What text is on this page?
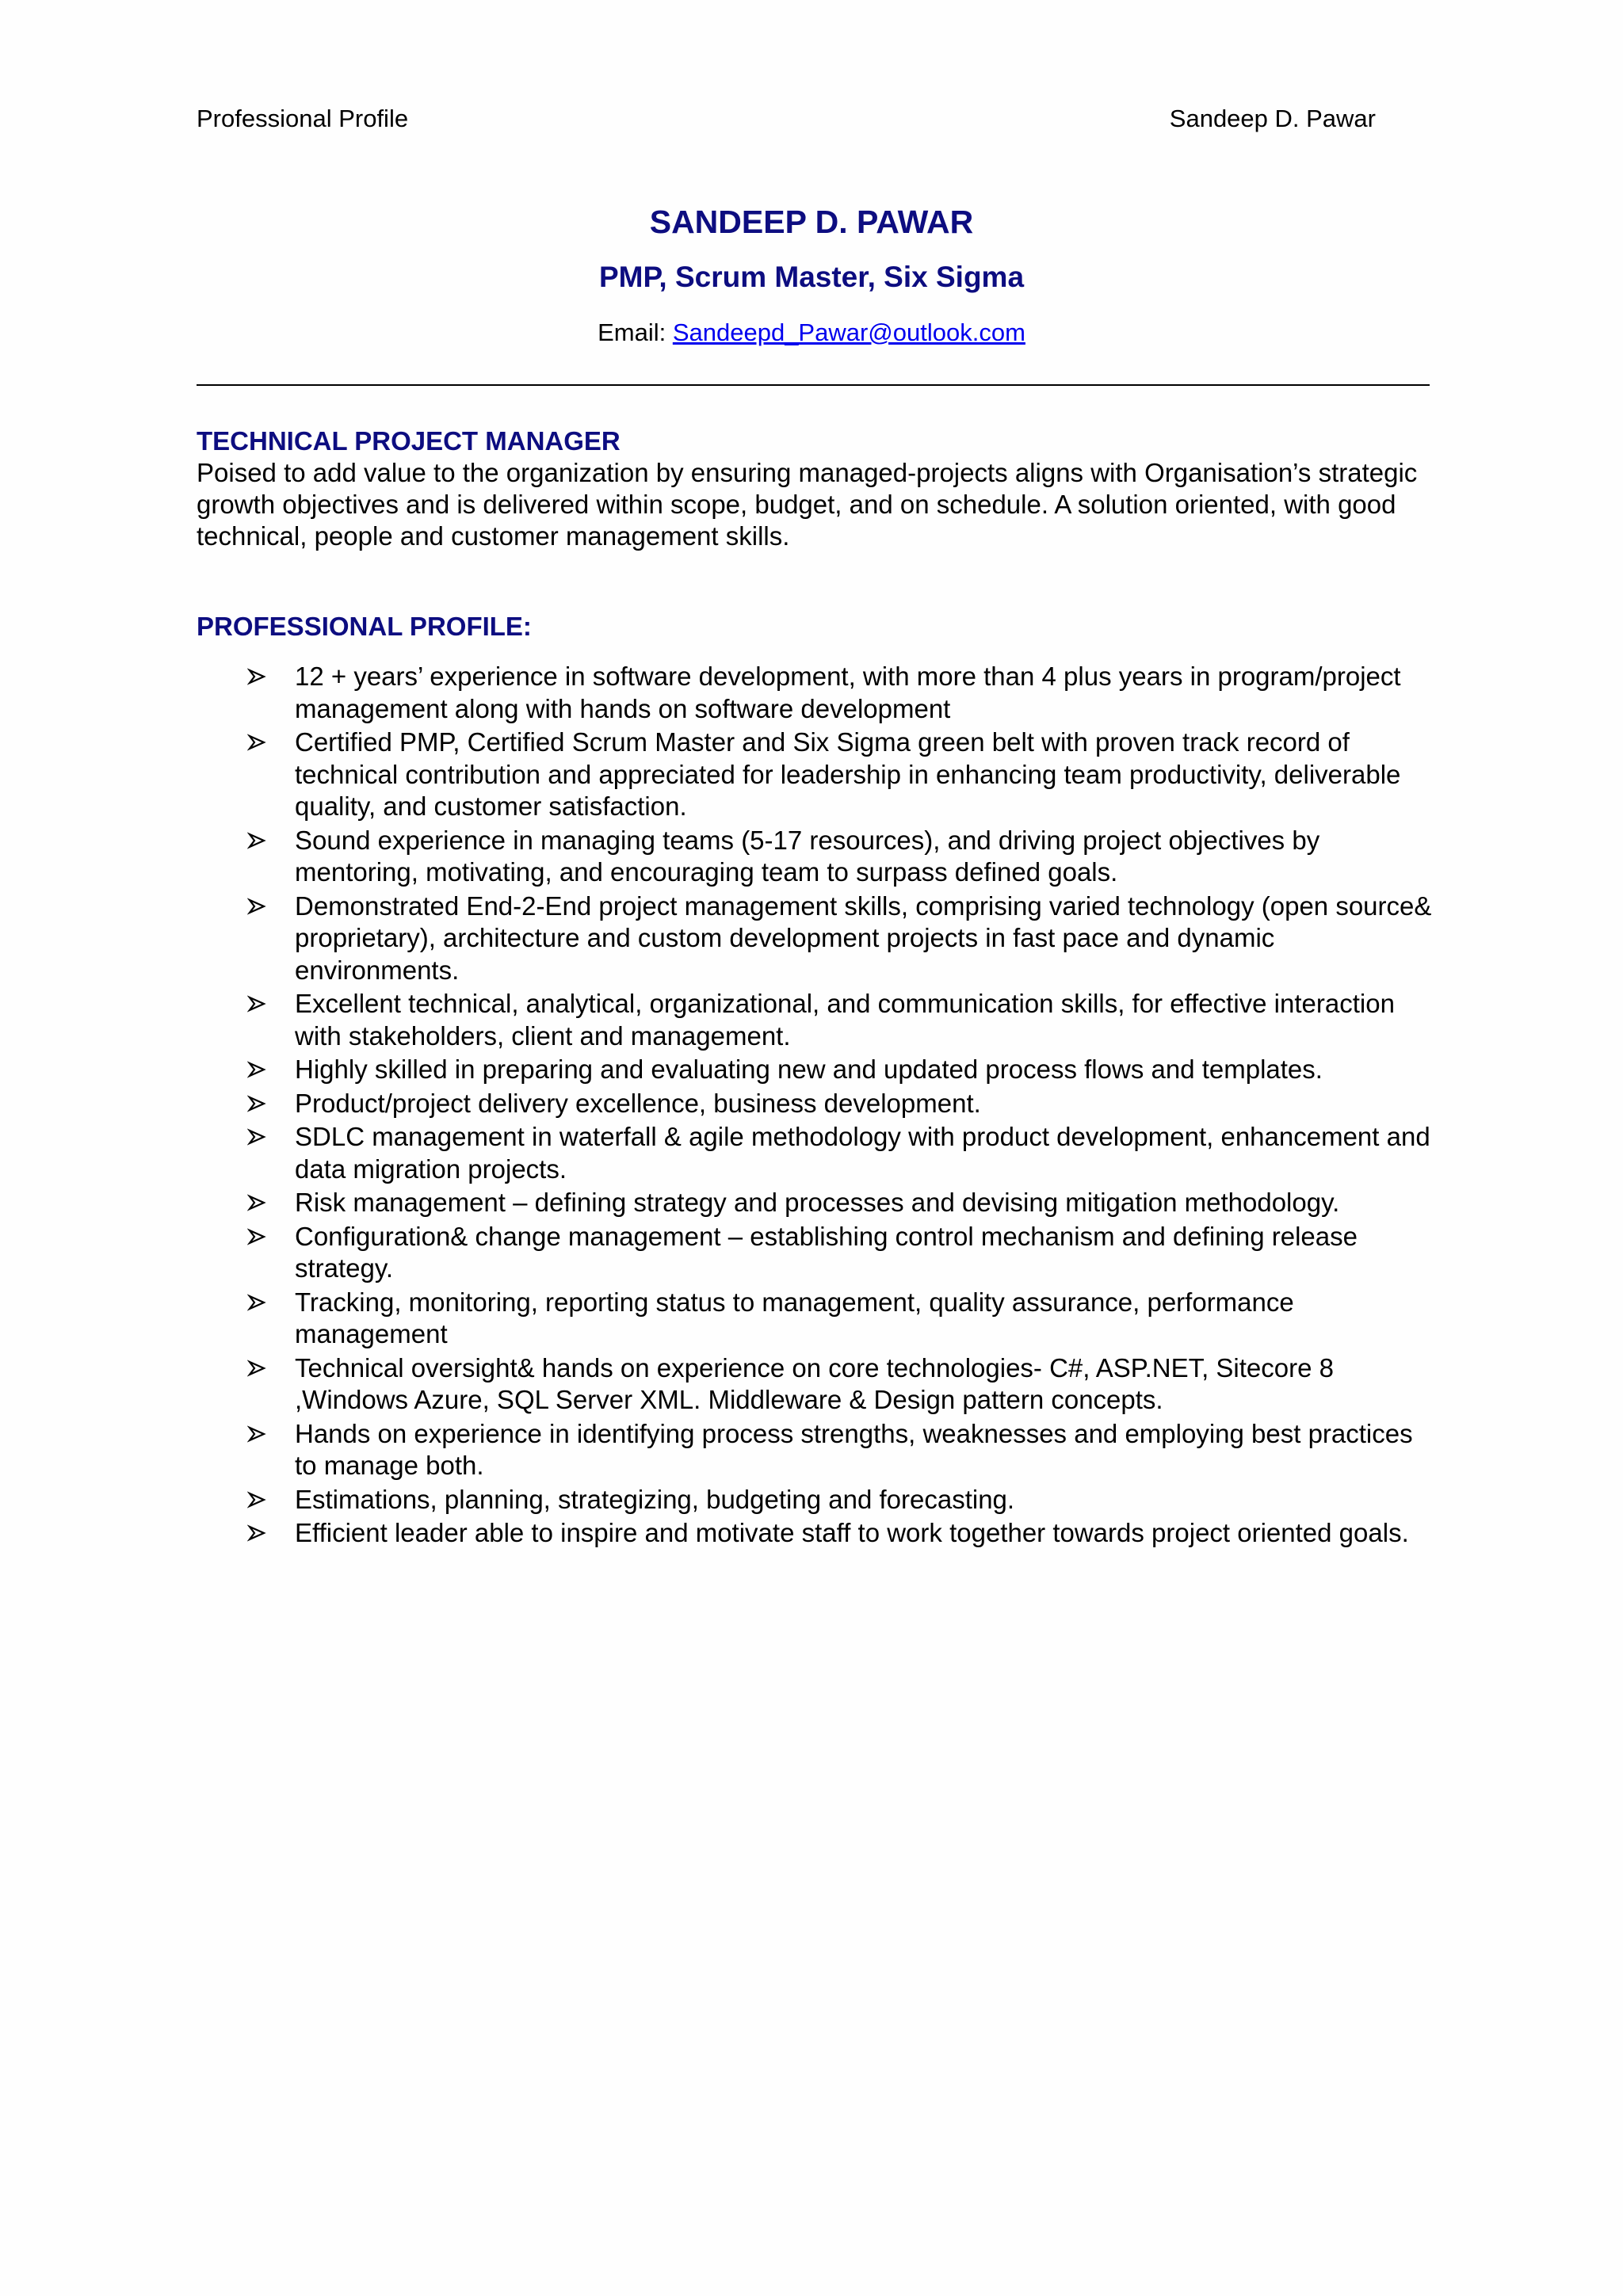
Professional Profile	Sandeep D. Pawar
SANDEEP D. PAWAR
PMP, Scrum Master, Six Sigma
Email: Sandeepd_Pawar@outlook.com
TECHNICAL PROJECT MANAGER
Poised to add value to the organization by ensuring managed-projects aligns with Organisation’s strategic growth objectives and is delivered within scope, budget, and on schedule. A solution oriented, with good technical, people and customer management skills.
PROFESSIONAL PROFILE:
12 + years’ experience in software development, with more than 4 plus years in program/project management along with hands on software development
Certified PMP, Certified Scrum Master and Six Sigma green belt with proven track record of technical contribution and appreciated for leadership in enhancing team productivity, deliverable quality, and customer satisfaction.
Sound experience in managing teams (5-17 resources), and driving project objectives by mentoring, motivating, and encouraging team to surpass defined goals.
Demonstrated End-2-End project management skills, comprising varied technology (open source& proprietary), architecture and custom development projects in fast pace and dynamic environments.
Excellent technical, analytical, organizational, and communication skills, for effective interaction with stakeholders, client and management.
Highly skilled in preparing and evaluating new and updated process flows and templates.
Product/project delivery excellence, business development.
SDLC management in waterfall & agile methodology with product development, enhancement and data migration projects.
Risk management – defining strategy and processes and devising mitigation methodology.
Configuration& change management – establishing control mechanism and defining release strategy.
Tracking, monitoring, reporting status to management, quality assurance, performance management
Technical oversight& hands on experience on core technologies- C#, ASP.NET, Sitecore 8 ,Windows Azure, SQL Server XML. Middleware & Design pattern concepts.
Hands on experience in identifying process strengths, weaknesses and employing best practices to manage both.
Estimations, planning, strategizing, budgeting and forecasting.
Efficient leader able to inspire and motivate staff to work together towards project oriented goals.
